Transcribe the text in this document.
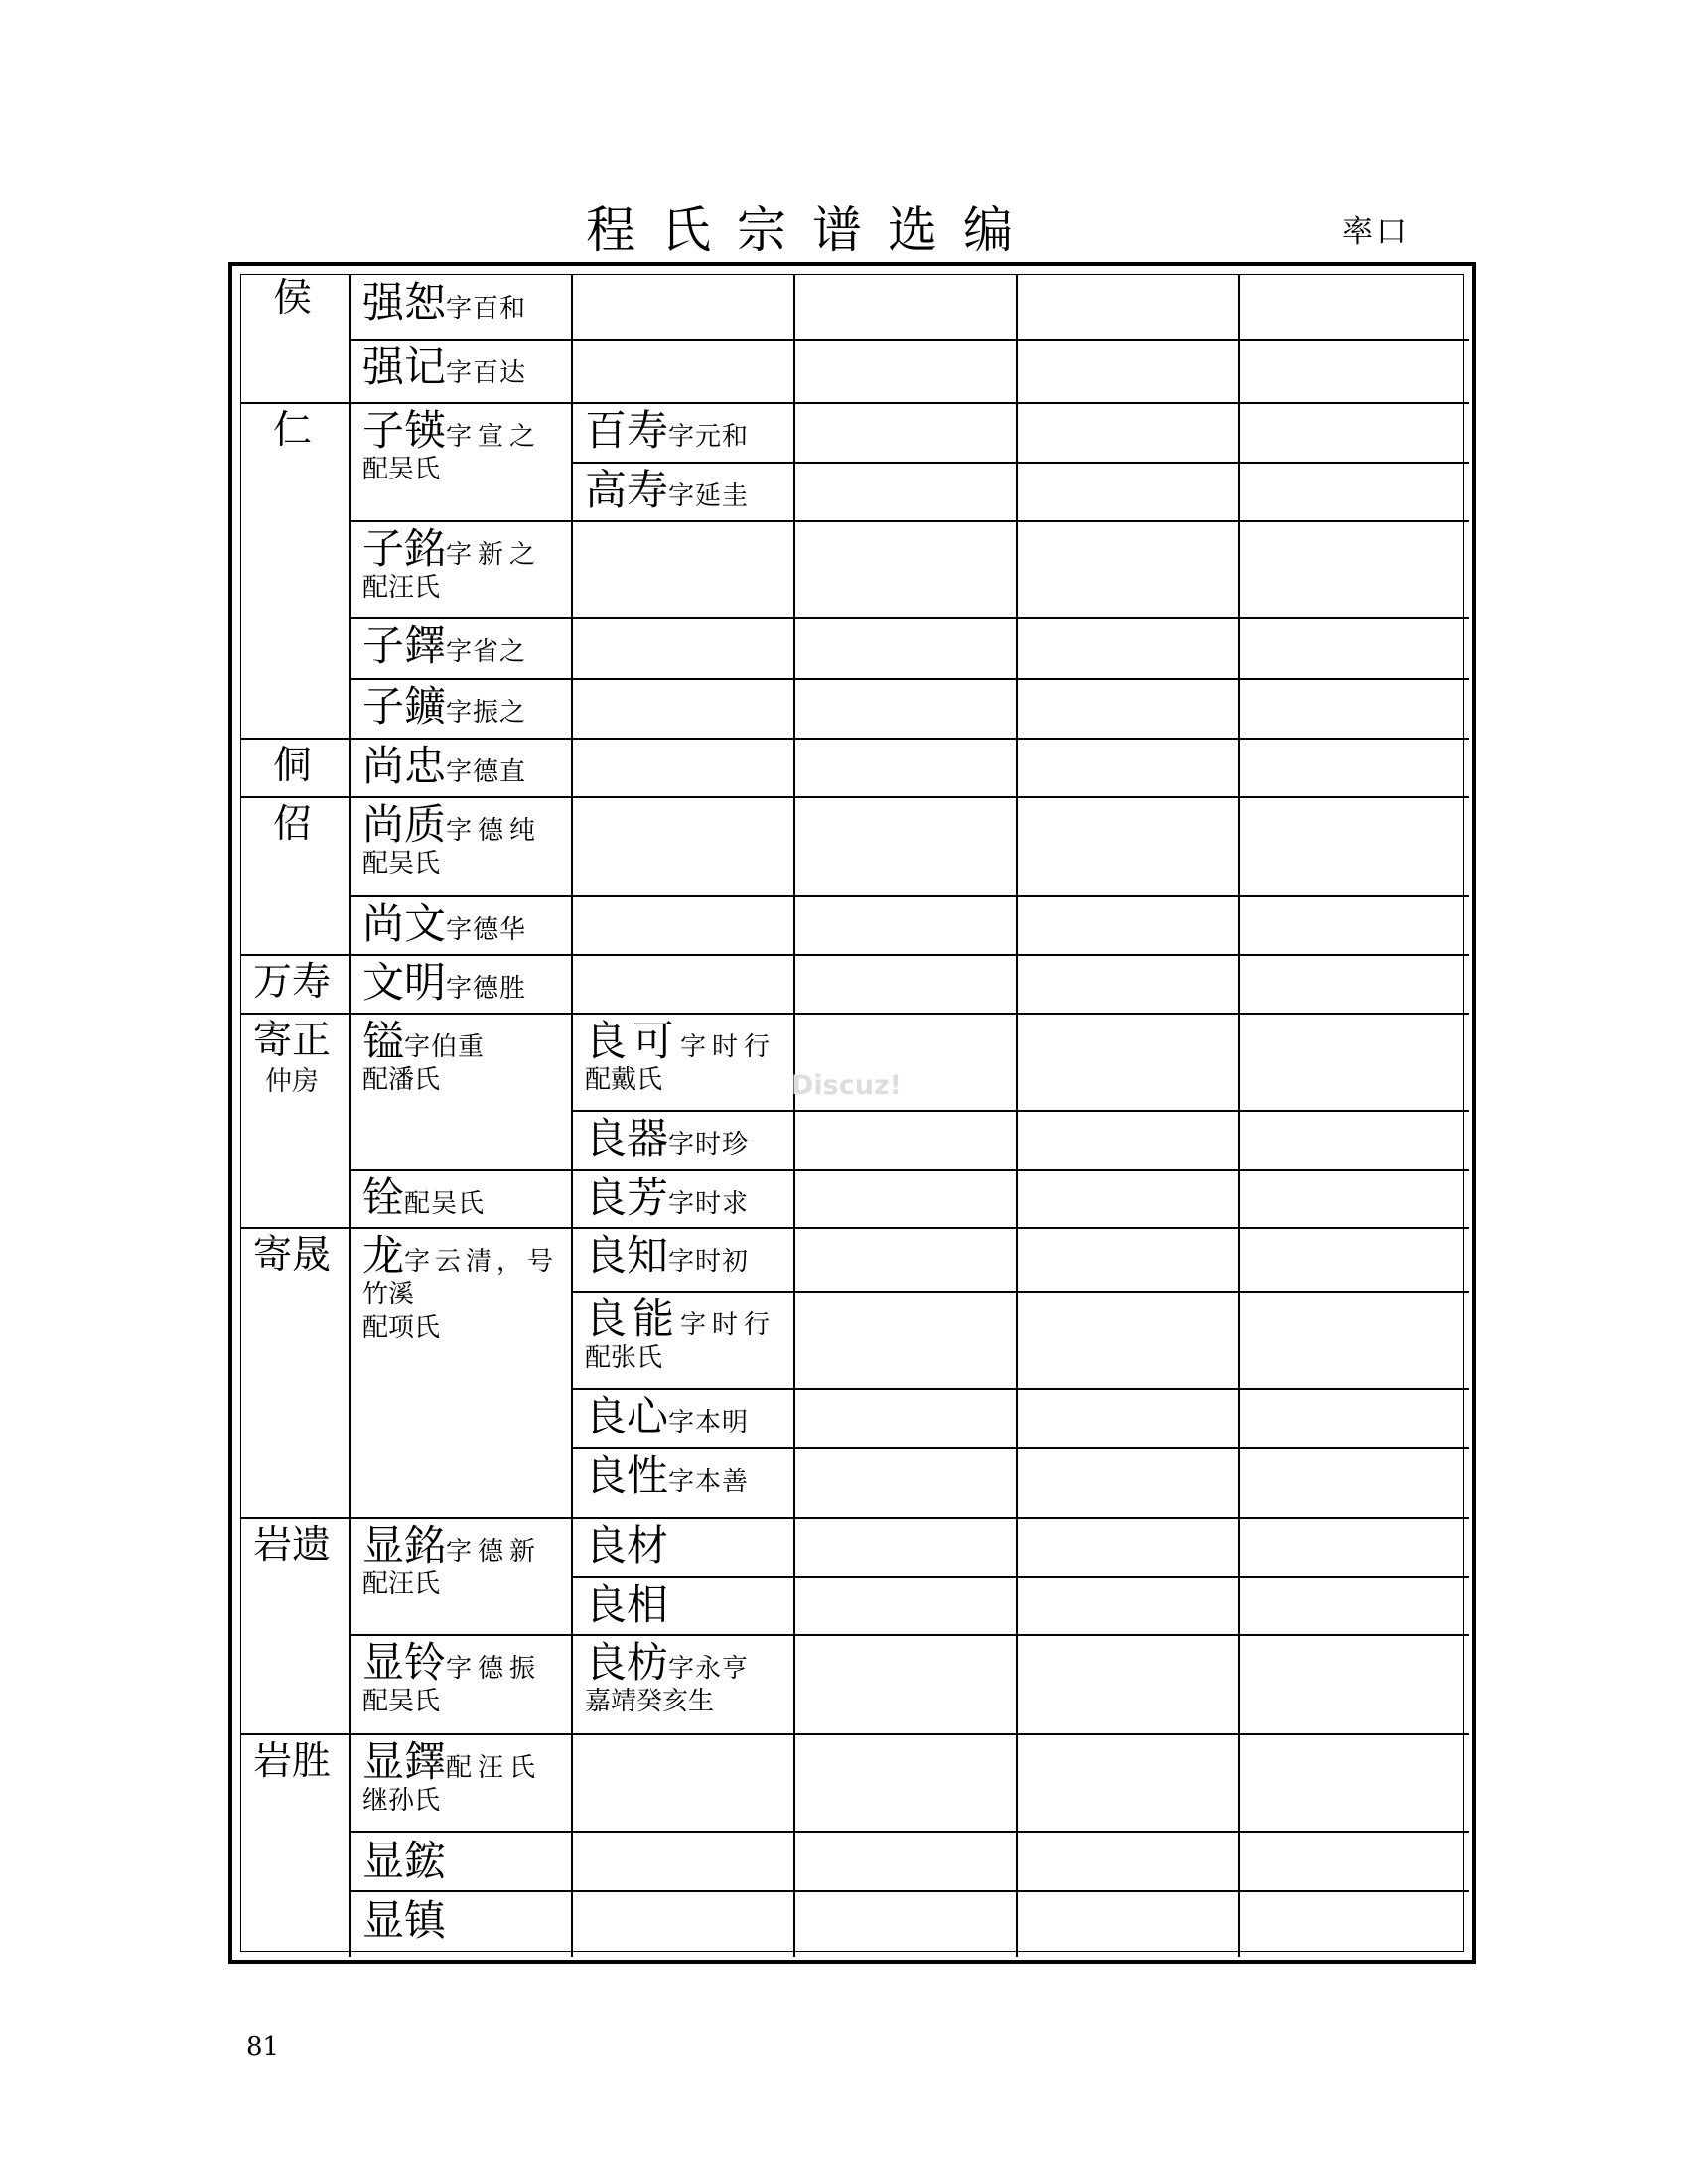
程氏宗谱选编	率口
侯
仁
侗
佋
万寿
寄正
仲房
寄晟
岩遗
岩胜
强恕字百和
强记字百达
子锳字宣之
配吴氏
子銘字新之
配汪氏
子鐸字省之
子鑛字振之
尚忠字德直
尚质字德纯
配吴氏
尚文字德华
文明字德胜
镒字伯重
配潘氏
铨配吴氏
龙字云清，号
竹溪
配项氏
显銘字德新
配汪氏
显铃字德振
配吴氏
显鐸配汪氏
继孙氏
显鋐
显镇
百寿字元和
高寿字延圭
良可字时行
配戴氏
良器字时珍
良芳字时求
良知字时初
良能字时行
配张氏
良心字本明
良性字本善
良材
良相
良枋字永亨
嘉靖癸亥生
Discuz!
81
